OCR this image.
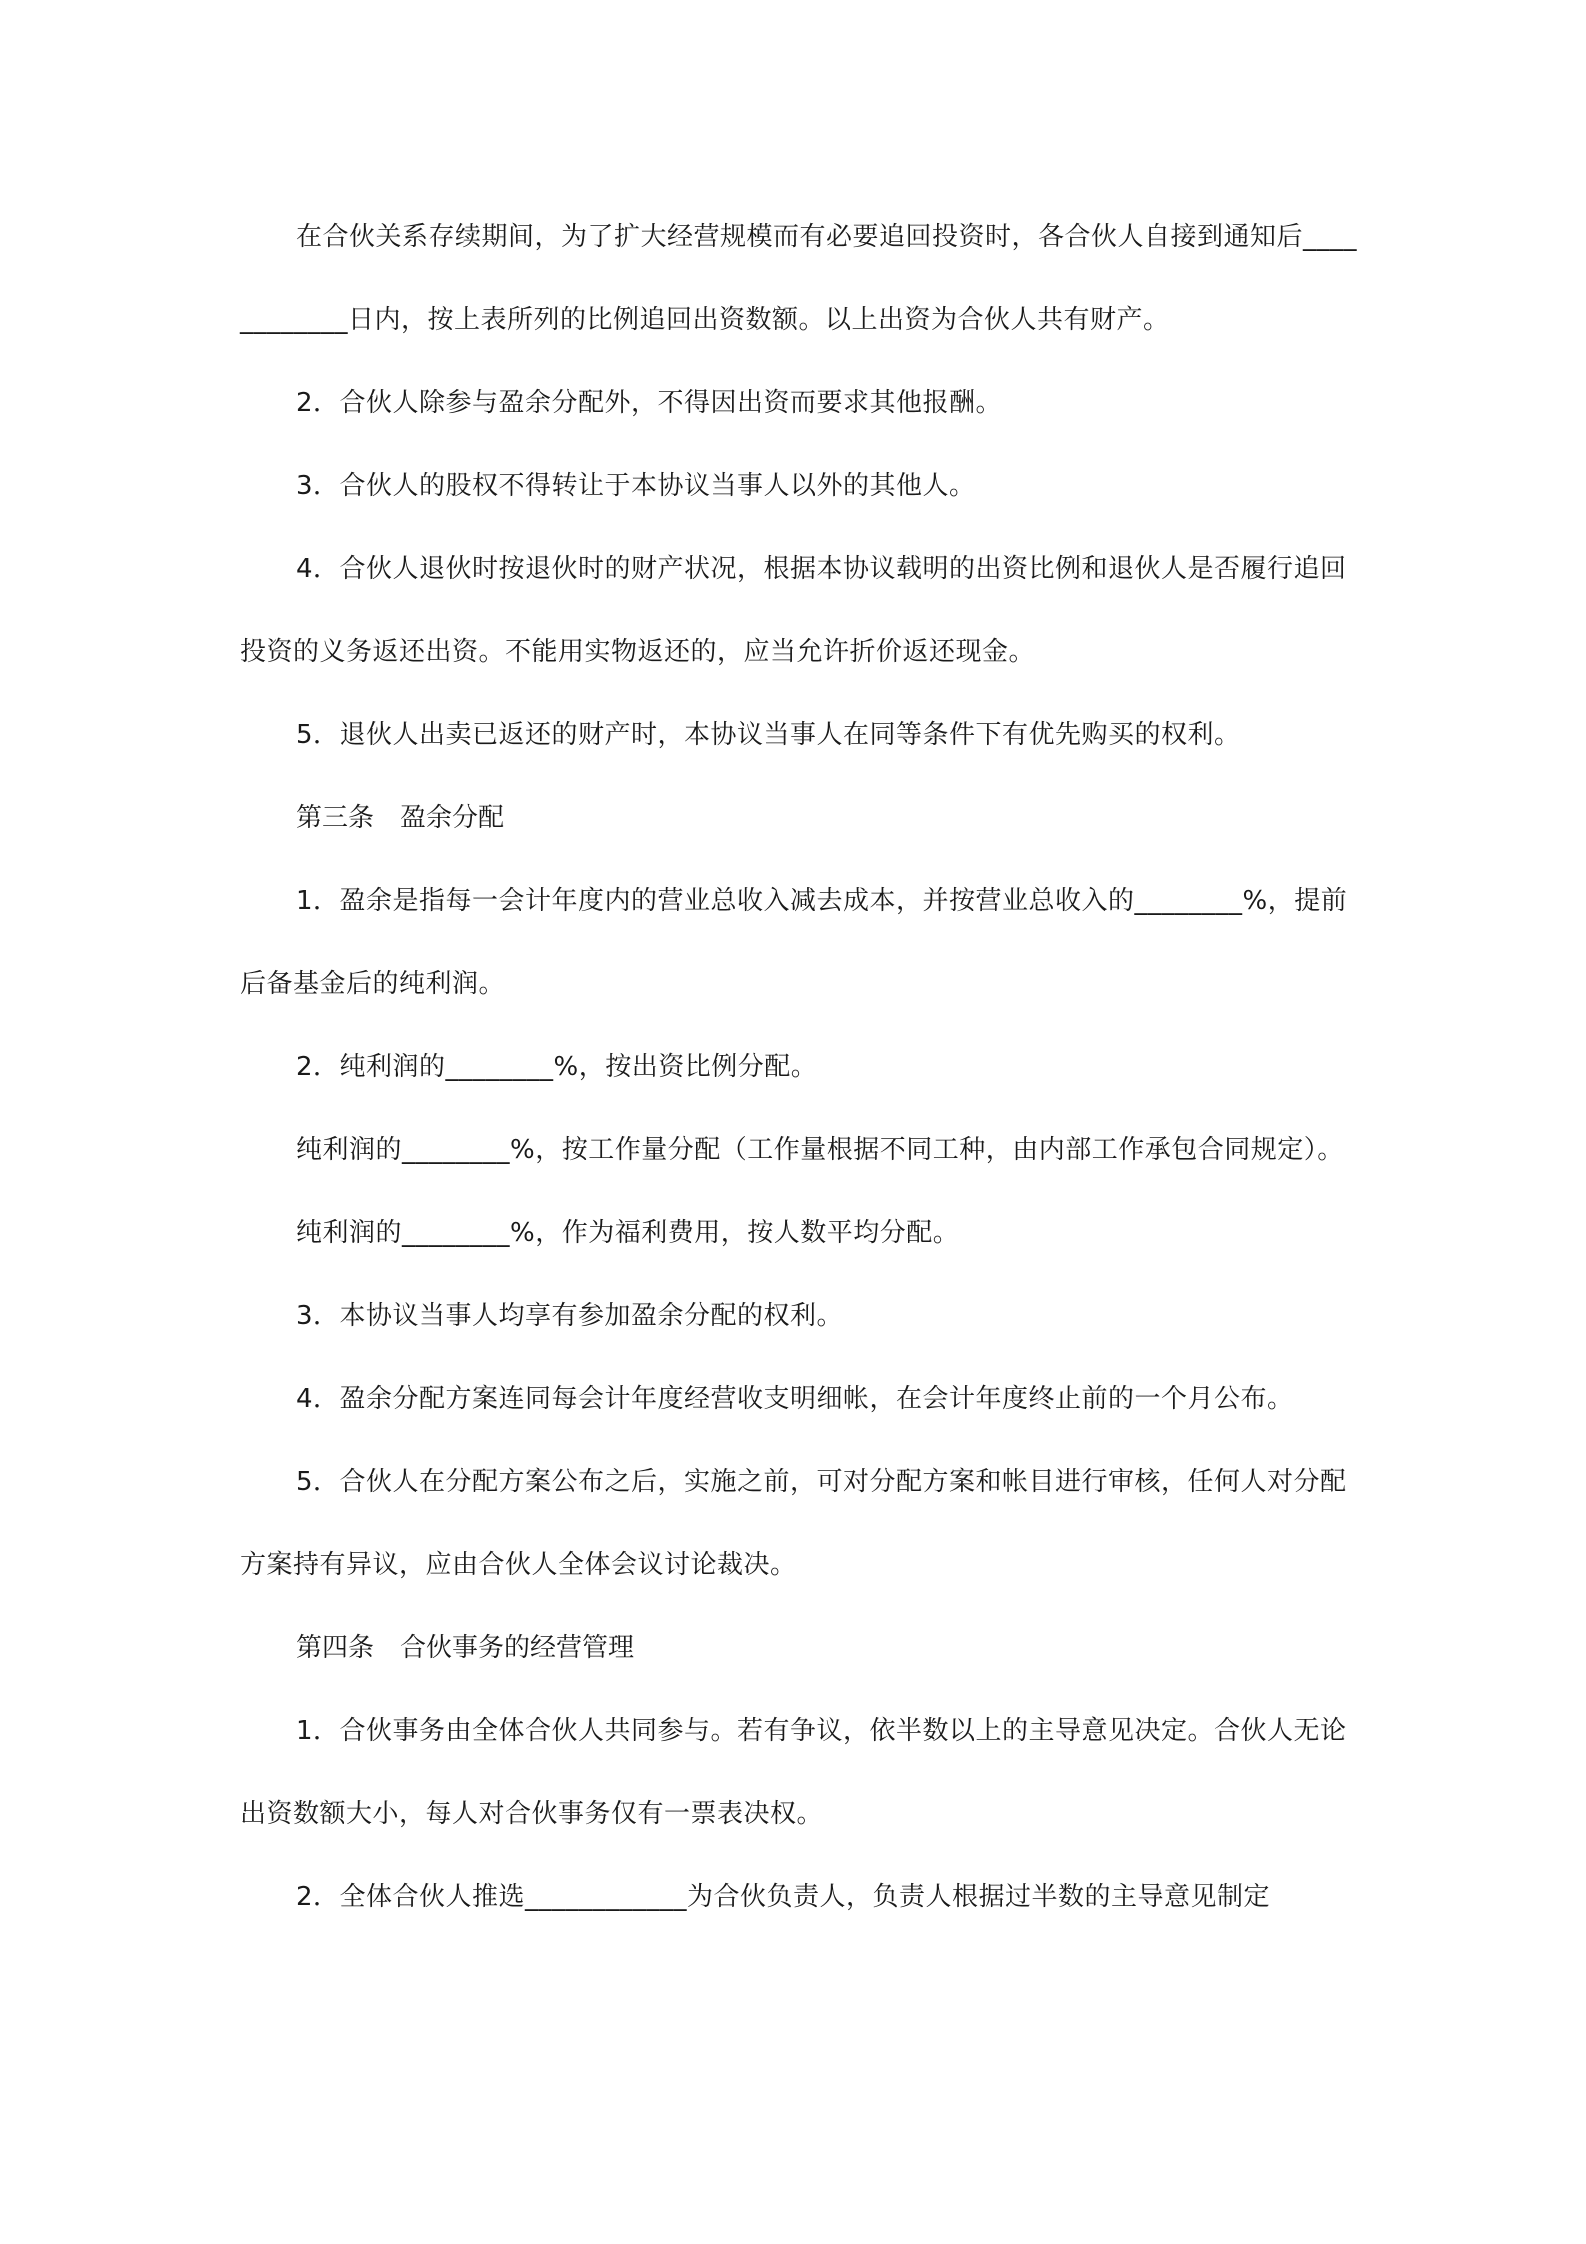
在合伙关系存续期间，为了扩大经营规模而有必要追回投资时，各合伙人自接到通知后____________日内，按上表所列的比例追回出资数额。以上出资为合伙人共有财产。

2．合伙人除参与盈余分配外，不得因出资而要求其他报酬。

3．合伙人的股权不得转让于本协议当事人以外的其他人。

4．合伙人退伙时按退伙时的财产状况，根据本协议载明的出资比例和退伙人是否履行追回投资的义务返还出资。不能用实物返还的，应当允许折价返还现金。

5．退伙人出卖已返还的财产时，本协议当事人在同等条件下有优先购买的权利。

第三条　盈余分配

1．盈余是指每一会计年度内的营业总收入减去成本，并按营业总收入的________%，提前后备基金后的纯利润。

2．纯利润的________%，按出资比例分配。

纯利润的________%，按工作量分配（工作量根据不同工种，由内部工作承包合同规定）。

纯利润的________%，作为福利费用，按人数平均分配。

3．本协议当事人均享有参加盈余分配的权利。

4．盈余分配方案连同每会计年度经营收支明细帐，在会计年度终止前的一个月公布。

5．合伙人在分配方案公布之后，实施之前，可对分配方案和帐目进行审核，任何人对分配方案持有异议，应由合伙人全体会议讨论裁决。

第四条　合伙事务的经营管理

1．合伙事务由全体合伙人共同参与。若有争议，依半数以上的主导意见决定。合伙人无论出资数额大小，每人对合伙事务仅有一票表决权。

2．全体合伙人推选____________为合伙负责人，负责人根据过半数的主导意见制定
